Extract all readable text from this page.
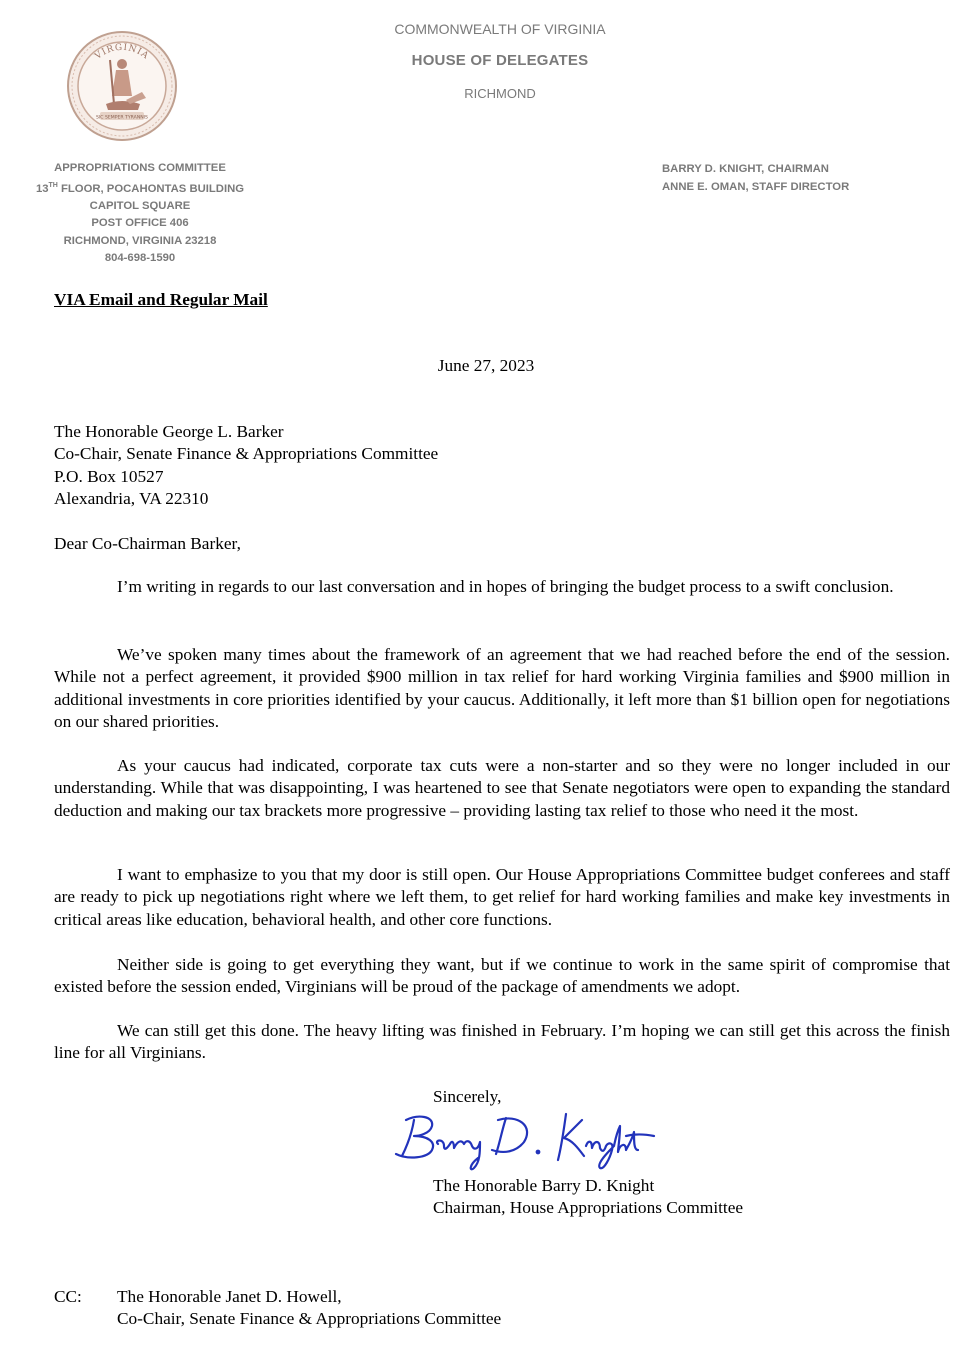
VIRGINIA
SIC SEMPER TYRANNIS
COMMONWEALTH OF VIRGINIA
HOUSE OF DELEGATES
RICHMOND
APPROPRIATIONS COMMITTEE
13TH FLOOR, POCAHONTAS BUILDING
CAPITOL SQUARE
POST OFFICE 406
RICHMOND, VIRGINIA 23218
804-698-1590
BARRY D. KNIGHT, CHAIRMAN
ANNE E. OMAN, STAFF DIRECTOR
VIA Email and Regular Mail
June 27, 2023
The Honorable George L. Barker
Co-Chair, Senate Finance & Appropriations Committee
P.O. Box 10527
Alexandria, VA 22310
Dear Co-Chairman Barker,
I’m writing in regards to our last conversation and in hopes of bringing the budget process to a swift conclusion.
We’ve spoken many times about the framework of an agreement that we had reached before the end of the session. While not a perfect agreement, it provided $900 million in tax relief for hard working Virginia families and $900 million in additional investments in core priorities identified by your caucus. Additionally, it left more than $1 billion open for negotiations on our shared priorities.
As your caucus had indicated, corporate tax cuts were a non-starter and so they were no longer included in our understanding. While that was disappointing, I was heartened to see that Senate negotiators were open to expanding the standard deduction and making our tax brackets more progressive – providing lasting tax relief to those who need it the most.
I want to emphasize to you that my door is still open. Our House Appropriations Committee budget conferees and staff are ready to pick up negotiations right where we left them, to get relief for hard working families and make key investments in critical areas like education, behavioral health, and other core functions.
Neither side is going to get everything they want, but if we continue to work in the same spirit of compromise that existed before the session ended, Virginians will be proud of the package of amendments we adopt.
We can still get this done. The heavy lifting was finished in February. I’m hoping we can still get this across the finish line for all Virginians.
Sincerely,
The Honorable Barry D. Knight
Chairman, House Appropriations Committee
CC: The Honorable Janet D. Howell,
Co-Chair, Senate Finance & Appropriations Committee
